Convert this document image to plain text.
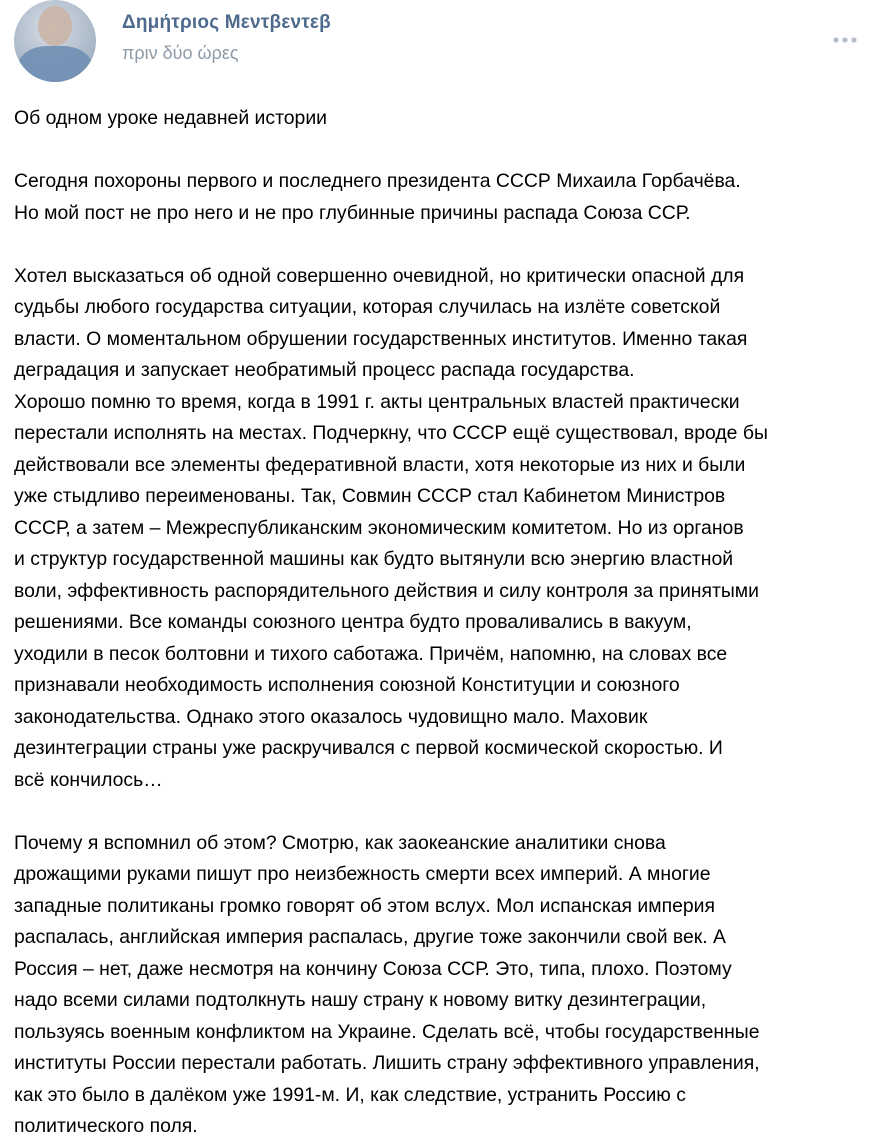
Δημήτριος Μεντβεντεβ
πριν δύο ώρες

Об одном уроке недавней истории

Сегодня похороны первого и последнего президента СССР Михаила Горбачёва.

Но мой пост не про него и не про глубинные причины распада Союза ССР.

Хотел высказаться об одной совершенно очевидной, но критически опасной для

судьбы любого государства ситуации, которая случилась на излёте советской

власти. О моментальном обрушении государственных институтов. Именно такая

деградация и запускает необратимый процесс распада государства.

Хорошо помню то время, когда в 1991 г. акты центральных властей практически

перестали исполнять на местах. Подчеркну, что СССР ещё существовал, вроде бы

действовали все элементы федеративной власти, хотя некоторые из них и были

уже стыдливо переименованы. Так, Совмин СССР стал Кабинетом Министров

СССР, а затем – Межреспубликанским экономическим комитетом. Но из органов

и структур государственной машины как будто вытянули всю энергию властной

воли, эффективность распорядительного действия и силу контроля за принятыми

решениями. Все команды союзного центра будто проваливались в вакуум,

уходили в песок болтовни и тихого саботажа. Причём, напомню, на словах все

признавали необходимость исполнения союзной Конституции и союзного

законодательства. Однако этого оказалось чудовищно мало. Маховик

дезинтеграции страны уже раскручивался с первой космической скоростью. И

всё кончилось…

Почему я вспомнил об этом? Смотрю, как заокеанские аналитики снова

дрожащими руками пишут про неизбежность смерти всех империй. А многие

западные политиканы громко говорят об этом вслух. Мол испанская империя

распалась, английская империя распалась, другие тоже закончили свой век. А

Россия – нет, даже несмотря на кончину Союза ССР. Это, типа, плохо. Поэтому

надо всеми силами подтолкнуть нашу страну к новому витку дезинтеграции,

пользуясь военным конфликтом на Украине. Сделать всё, чтобы государственные

институты России перестали работать. Лишить страну эффективного управления,

как это было в далёком уже 1991-м. И, как следствие, устранить Россию с

политического поля.
